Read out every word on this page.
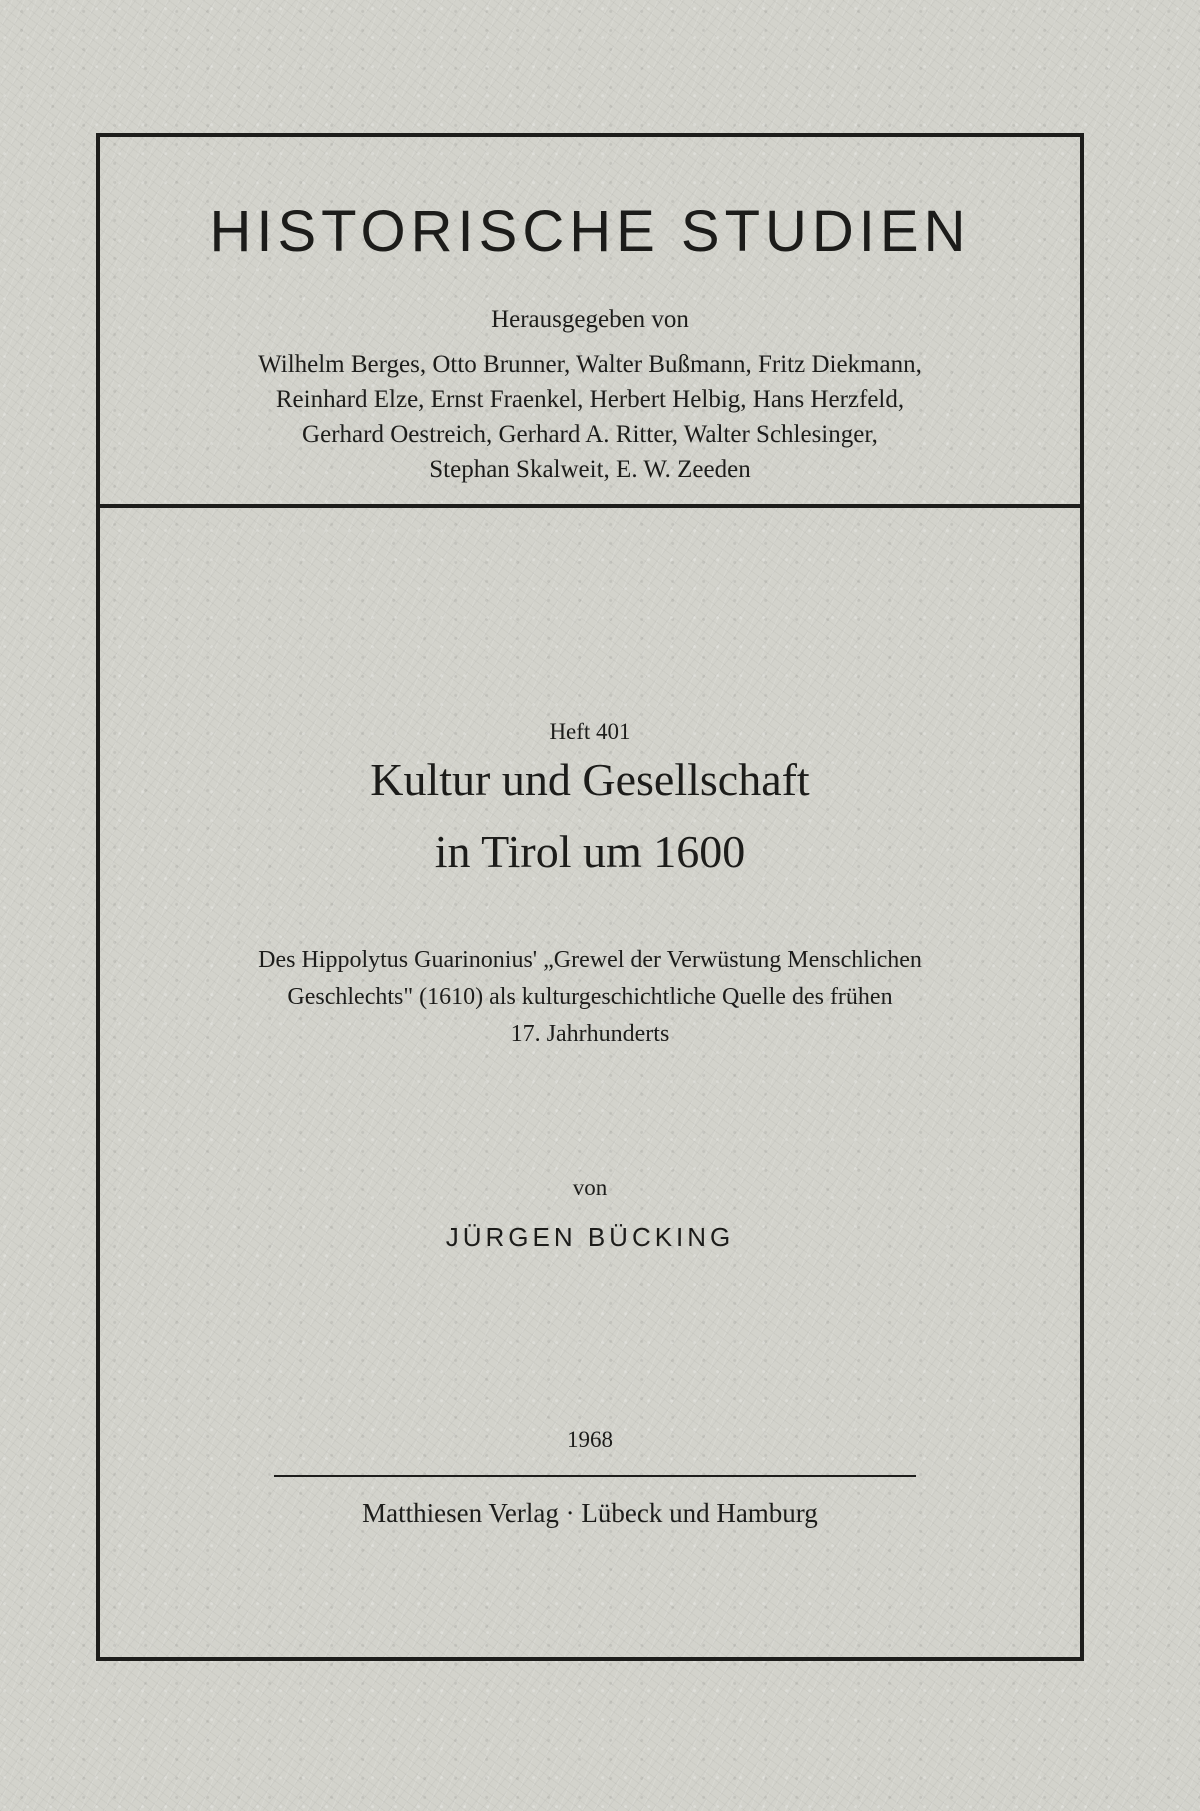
HISTORISCHE STUDIEN
Herausgegeben von
Wilhelm Berges, Otto Brunner, Walter Bußmann, Fritz Diekmann,
Reinhard Elze, Ernst Fraenkel, Herbert Helbig, Hans Herzfeld,
Gerhard Oestreich, Gerhard A. Ritter, Walter Schlesinger,
Stephan Skalweit, E. W. Zeeden
Heft 401
Kultur und Gesellschaft
in Tirol um 1600
Des Hippolytus Guarinonius' „Grewel der Verwüstung Menschlichen
Geschlechts" (1610) als kulturgeschichtliche Quelle des frühen
17. Jahrhunderts
von
JÜRGEN BÜCKING
1968
Matthiesen Verlag · Lübeck und Hamburg
